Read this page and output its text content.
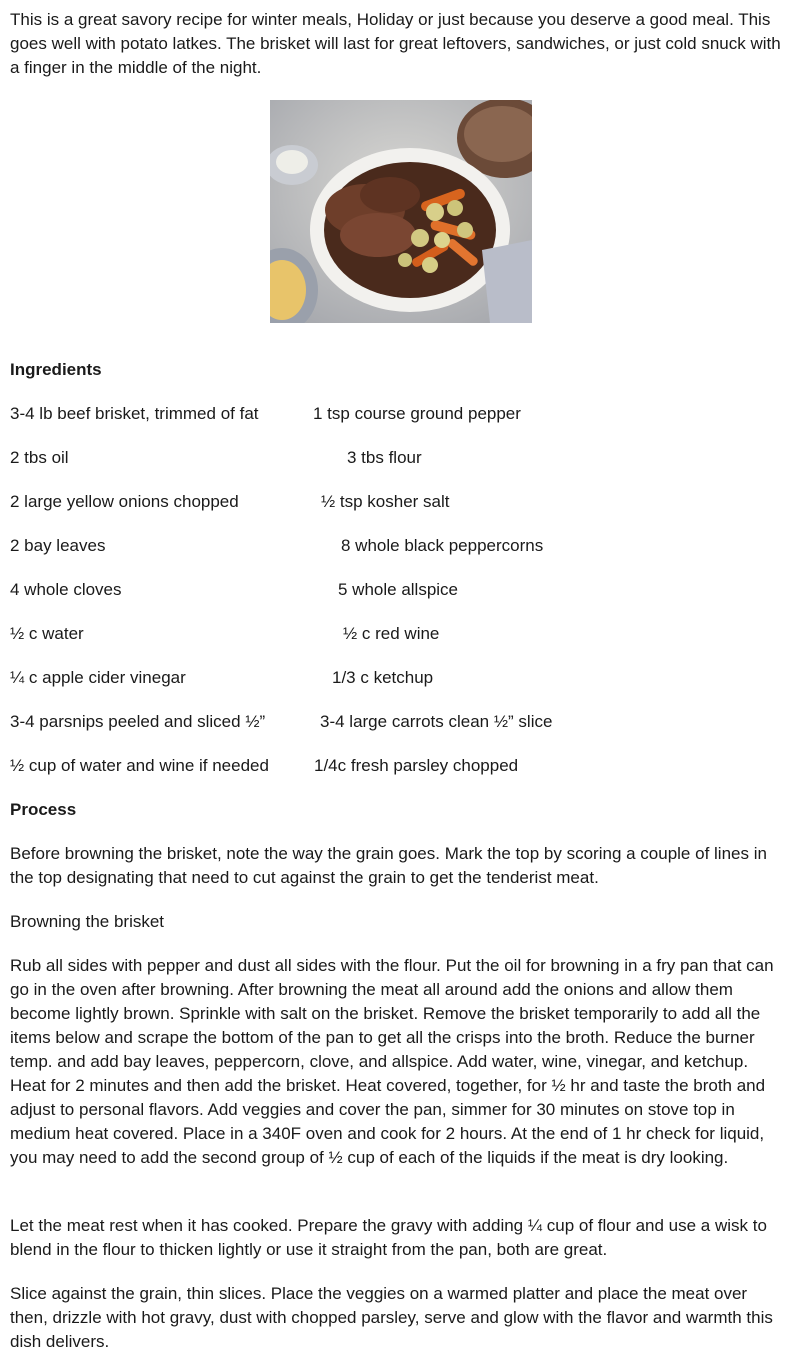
This is a great savory recipe for winter meals, Holiday or just because you deserve a good meal. This goes well with potato latkes. The brisket will last for great leftovers, sandwiches, or just cold snuck with a finger in the middle of the night.

Ingredients
3-4 lb beef brisket, trimmed of fat	1 tsp course ground pepper
2 tbs oil	3 tbs flour
2 large yellow onions chopped	½ tsp kosher salt
2 bay leaves	8 whole black peppercorns
4 whole cloves	5 whole allspice
½ c water	½ c red wine
¼ c apple cider vinegar	1/3 c ketchup
3-4 parsnips peeled and sliced ½”	3-4 large carrots clean ½” slice
½ cup of water and wine if needed	1/4c fresh parsley chopped
Process

Before browning the brisket, note the way the grain goes. Mark the top by scoring a couple of lines in the top designating that need to cut against the grain to get the tenderist meat.

Browning the brisket

Rub all sides with pepper and dust all sides with the flour. Put the oil for browning in a fry pan that can go in the oven after browning. After browning the meat all around add the onions and allow them become lightly brown. Sprinkle with salt on the brisket. Remove the brisket temporarily to add all the items below and scrape the bottom of the pan to get all the crisps into the broth. Reduce the burner temp. and add bay leaves, peppercorn, clove, and allspice. Add water, wine, vinegar, and ketchup. Heat for 2 minutes and then add the brisket. Heat covered, together, for ½ hr and taste the broth and adjust to personal flavors. Add veggies and cover the pan, simmer for 30 minutes on stove top in medium heat covered. Place in a 340F oven and cook for 2 hours. At the end of 1 hr check for liquid, you may need to add the second group of ½ cup of each of the liquids if the meat is dry looking.

Let the meat rest when it has cooked. Prepare the gravy with adding ¼ cup of flour and use a wisk to blend in the flour to thicken lightly or use it straight from the pan, both are great.

Slice against the grain, thin slices. Place the veggies on a warmed platter and place the meat over then, drizzle with hot gravy, dust with chopped parsley, serve and glow with the flavor and warmth this dish delivers.
